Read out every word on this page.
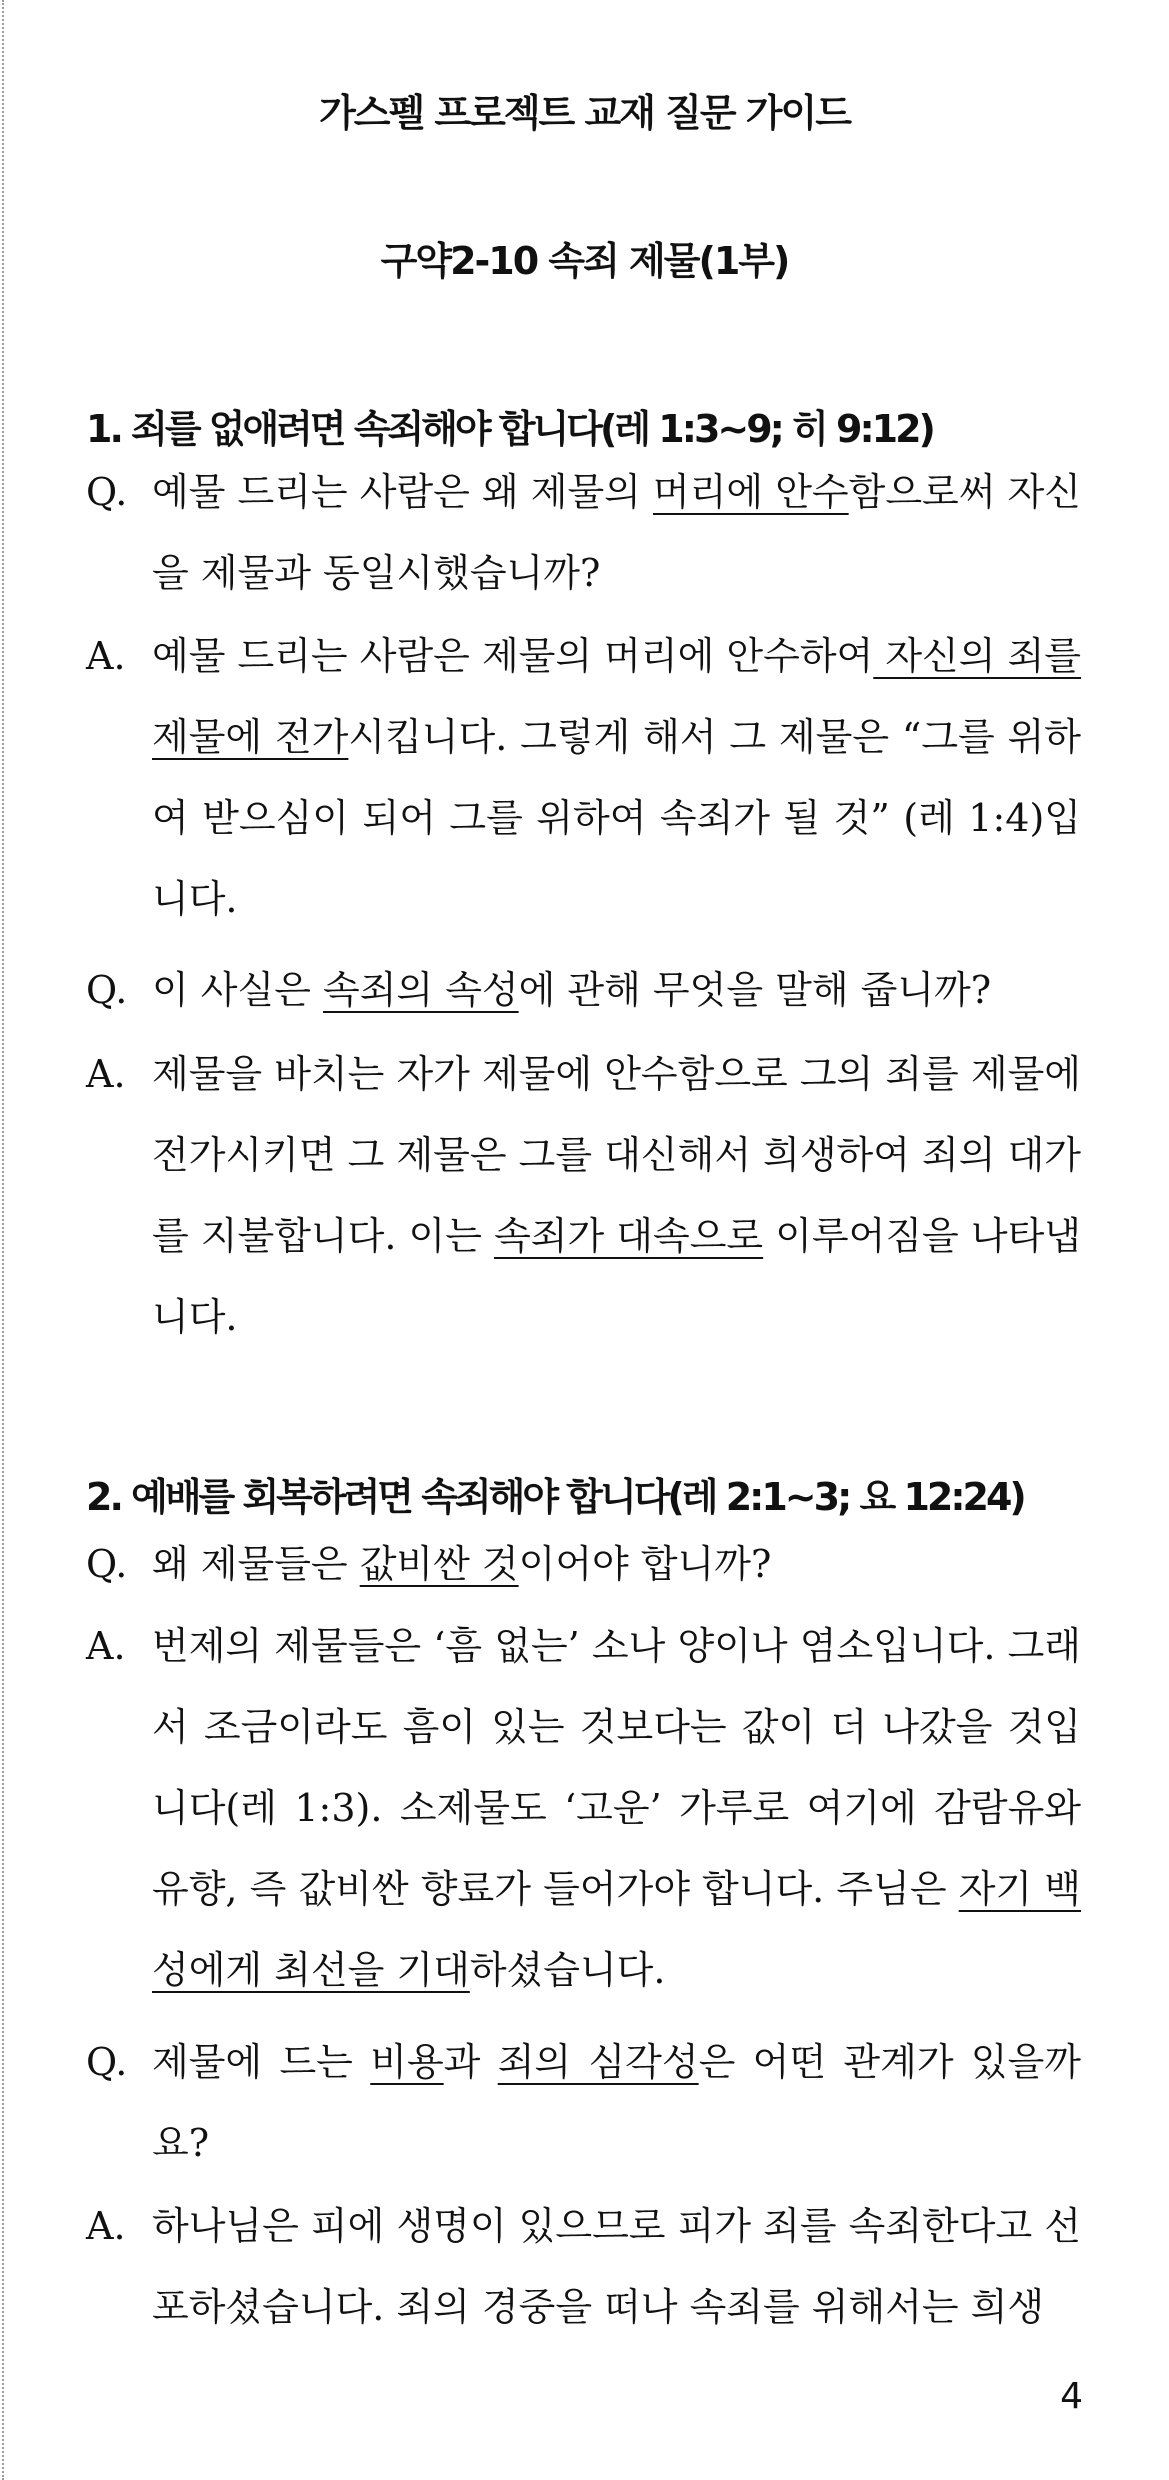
가스펠 프로젝트 교재 질문 가이드
구약2-10 속죄 제물(1부)
1. 죄를 없애려면 속죄해야 합니다(레 1:3~9; 히 9:12)
Q. 예물 드리는 사람은 왜 제물의 머리에 안수함으로써 자신을 제물과 동일시했습니까?
A. 예물 드리는 사람은 제물의 머리에 안수하여 자신의 죄를 제물에 전가시킵니다. 그렇게 해서 그 제물은 “그를 위하여 받으심이 되어 그를 위하여 속죄가 될 것” (레 1:4)입니다.
Q. 이 사실은 속죄의 속성에 관해 무엇을 말해 줍니까?
A. 제물을 바치는 자가 제물에 안수함으로 그의 죄를 제물에 전가시키면 그 제물은 그를 대신해서 희생하여 죄의 대가를 지불합니다. 이는 속죄가 대속으로 이루어짐을 나타냅니다.
2. 예배를 회복하려면 속죄해야 합니다(레 2:1~3; 요 12:24)
Q. 왜 제물들은 값비싼 것이어야 합니까?
A. 번제의 제물들은 ‘흠 없는’ 소나 양이나 염소입니다. 그래서 조금이라도 흠이 있는 것보다는 값이 더 나갔을 것입니다(레 1:3). 소제물도 ‘고운’ 가루로 여기에 감람유와 유향, 즉 값비싼 향료가 들어가야 합니다. 주님은 자기 백성에게 최선을 기대하셨습니다.
Q. 제물에 드는 비용과 죄의 심각성은 어떤 관계가 있을까요?
A. 하나님은 피에 생명이 있으므로 피가 죄를 속죄한다고 선포하셨습니다. 죄의 경중을 떠나 속죄를 위해서는 희생
4
